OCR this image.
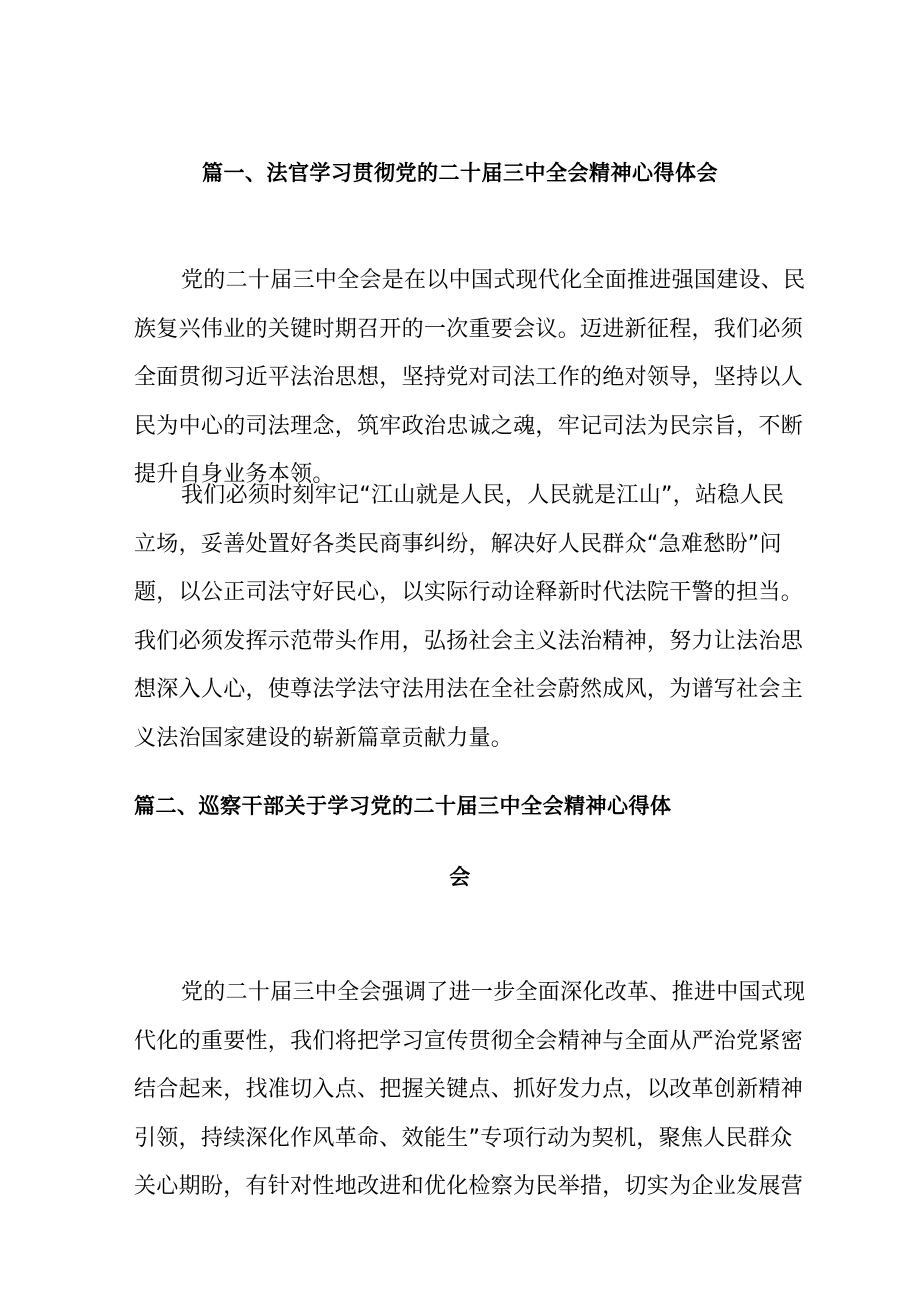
篇一、法官学习贯彻党的二十届三中全会精神心得体会
党的二十届三中全会是在以中国式现代化全面推进强国建设、民
族复兴伟业的关键时期召开的一次重要会议。迈进新征程，我们必须
全面贯彻习近平法治思想，坚持党对司法工作的绝对领导，坚持以人
民为中心的司法理念，筑牢政治忠诚之魂，牢记司法为民宗旨，不断
提升自身业务本领。
我们必须时刻牢记“江山就是人民，人民就是江山”，站稳人民
立场，妥善处置好各类民商事纠纷，解决好人民群众“急难愁盼”问
题，以公正司法守好民心，以实际行动诠释新时代法院干警的担当。
我们必须发挥示范带头作用，弘扬社会主义法治精神，努力让法治思
想深入人心，使尊法学法守法用法在全社会蔚然成风，为谱写社会主
义法治国家建设的崭新篇章贡献力量。
篇二、巡察干部关于学习党的二十届三中全会精神心得体
会
党的二十届三中全会强调了进一步全面深化改革、推进中国式现
代化的重要性，我们将把学习宣传贯彻全会精神与全面从严治党紧密
结合起来，找准切入点、把握关键点、抓好发力点，以改革创新精神
引领，持续深化作风革命、效能生”专项行动为契机，聚焦人民群众
关心期盼，有针对性地改进和优化检察为民举措，切实为企业发展营
